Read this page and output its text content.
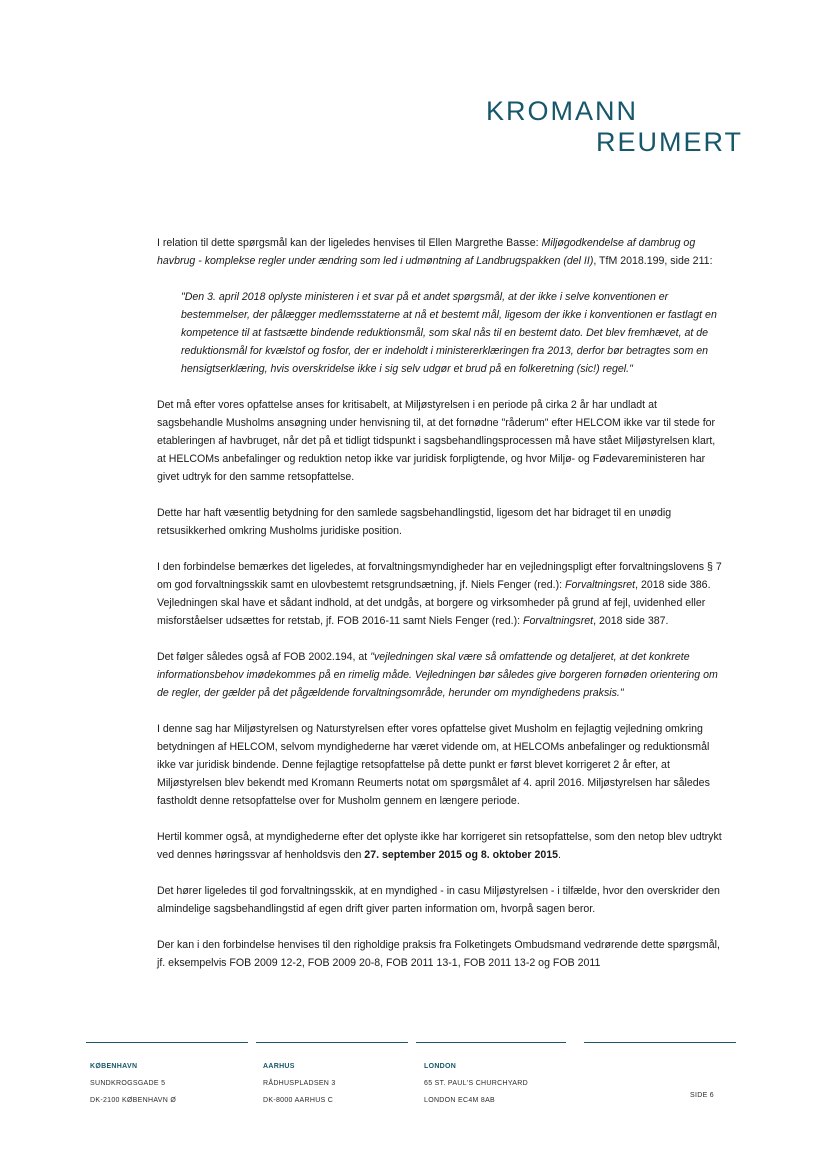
KROMANN
REUMERT

I relation til dette spørgsmål kan der ligeledes henvises til Ellen Margrethe Basse: Miljøgodkendelse af dambrug og havbrug - komplekse regler under ændring som led i udmøntning af Landbrugspakken (del II), TfM 2018.199, side 211:

"Den 3. april 2018 oplyste ministeren i et svar på et andet spørgsmål, at der ikke i selve konventionen er bestemmelser, der pålægger medlemsstaterne at nå et bestemt mål, ligesom der ikke i konventionen er fastlagt en kompetence til at fastsætte bindende reduktionsmål, som skal nås til en bestemt dato. Det blev fremhævet, at de reduktionsmål for kvælstof og fosfor, der er indeholdt i ministererklæringen fra 2013, derfor bør betragtes som en hensigtserklæring, hvis overskridelse ikke i sig selv udgør et brud på en folkeretning (sic!) regel."

Det må efter vores opfattelse anses for kritisabelt, at Miljøstyrelsen i en periode på cirka 2 år har undladt at sagsbehandle Musholms ansøgning under henvisning til, at det fornødne "råderum" efter HELCOM ikke var til stede for etableringen af havbruget, når det på et tidligt tidspunkt i sagsbehandlingsprocessen må have stået Miljøstyrelsen klart, at HELCOMs anbefalinger og reduktion netop ikke var juridisk forpligtende, og hvor Miljø- og Fødevareministeren har givet udtryk for den samme retsopfattelse.

Dette har haft væsentlig betydning for den samlede sagsbehandlingstid, ligesom det har bidraget til en unødig retsusikkerhed omkring Musholms juridiske position.

I den forbindelse bemærkes det ligeledes, at forvaltningsmyndigheder har en vejledningspligt efter forvaltningslovens § 7 om god forvaltningsskik samt en ulovbestemt retsgrundsætning, jf. Niels Fenger (red.): Forvaltningsret, 2018 side 386. Vejledningen skal have et sådant indhold, at det undgås, at borgere og virksomheder på grund af fejl, uvidenhed eller misforståelser udsættes for retstab, jf. FOB 2016-11 samt Niels Fenger (red.): Forvaltningsret, 2018 side 387.

Det følger således også af FOB 2002.194, at "vejledningen skal være så omfattende og detaljeret, at det konkrete informationsbehov imødekommes på en rimelig måde. Vejledningen bør således give borgeren fornøden orientering om de regler, der gælder på det pågældende forvaltningsområde, herunder om myndighedens praksis."

I denne sag har Miljøstyrelsen og Naturstyrelsen efter vores opfattelse givet Musholm en fejlagtig vejledning omkring betydningen af HELCOM, selvom myndighederne har været vidende om, at HELCOMs anbefalinger og reduktionsmål ikke var juridisk bindende. Denne fejlagtige retsopfattelse på dette punkt er først blevet korrigeret 2 år efter, at Miljøstyrelsen blev bekendt med Kromann Reumerts notat om spørgsmålet af 4. april 2016. Miljøstyrelsen har således fastholdt denne retsopfattelse over for Musholm gennem en længere periode.

Hertil kommer også, at myndighederne efter det oplyste ikke har korrigeret sin retsopfattelse, som den netop blev udtrykt ved dennes høringssvar af henholdsvis den 27. september 2015 og 8. oktober 2015.

Det hører ligeledes til god forvaltningsskik, at en myndighed - in casu Miljøstyrelsen - i tilfælde, hvor den overskrider den almindelige sagsbehandlingstid af egen drift giver parten information om, hvorpå sagen beror.

Der kan i den forbindelse henvises til den righoldige praksis fra Folketingets Ombudsmand vedrørende dette spørgsmål, jf. eksempelvis FOB 2009 12-2, FOB 2009 20-8, FOB 2011 13-1, FOB 2011 13-2 og FOB 2011

KØBENHAVN
SUNDKROGSGADE 5
DK-2100 KØBENHAVN Ø
AARHUS
RÅDHUSPLADSEN 3
DK-8000 AARHUS C
LONDON
65 ST. PAUL'S CHURCHYARD
LONDON EC4M 8AB
SIDE 6
